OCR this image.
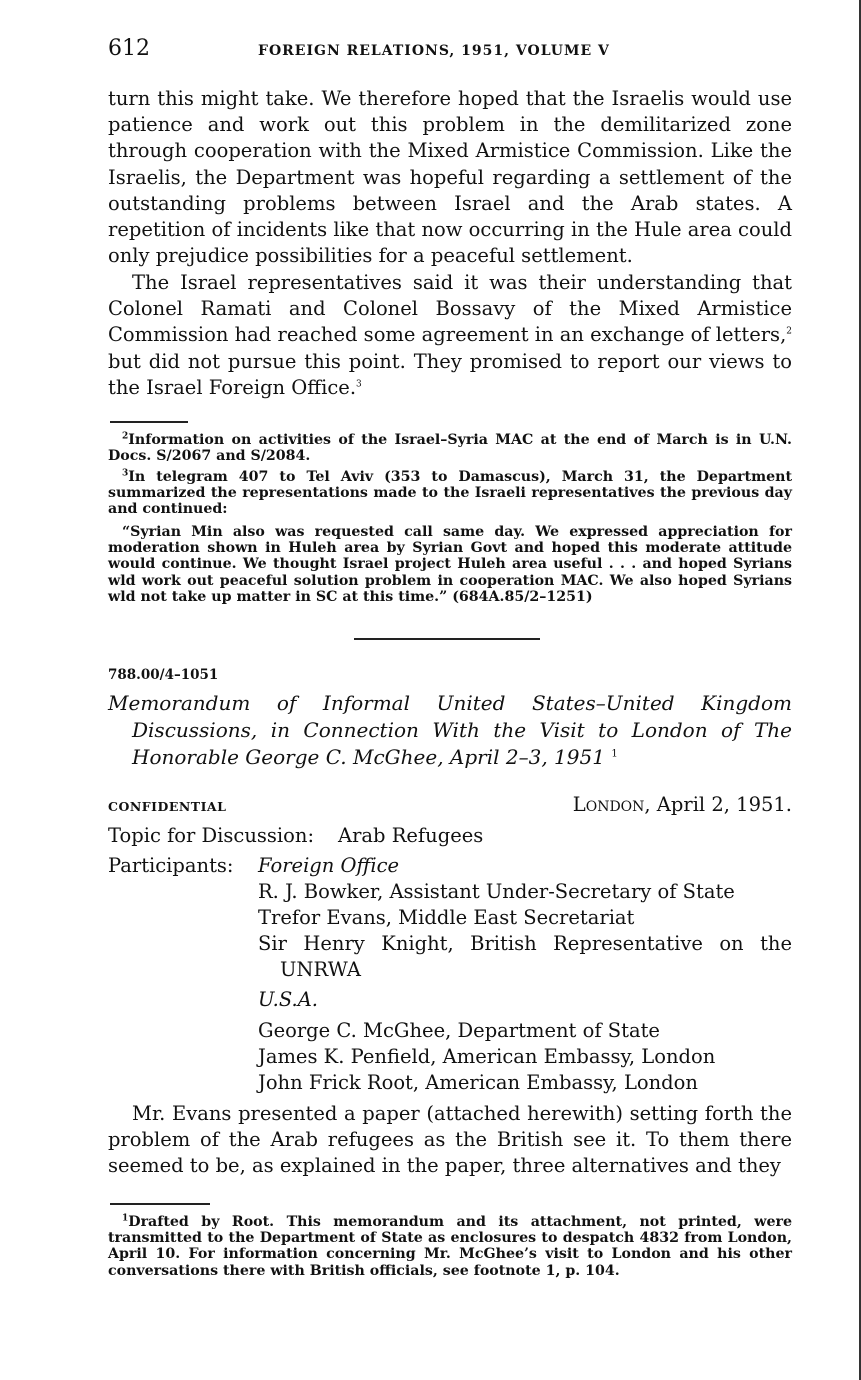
612	FOREIGN RELATIONS, 1951, VOLUME V

turn this might take. We therefore hoped that the Israelis would use patience and work out this problem in the demilitarized zone through cooperation with the Mixed Armistice Commission. Like the Israelis, the Department was hopeful regarding a settlement of the outstanding problems between Israel and the Arab states. A repetition of incidents like that now occurring in the Hule area could only prejudice possibilities for a peaceful settlement.

The Israel representatives said it was their understanding that Colonel Ramati and Colonel Bossavy of the Mixed Armistice Commission had reached some agreement in an exchange of letters,$^2$ but did not pursue this point. They promised to report our views to the Israel Foreign Office.$^3$

$^2$Information on activities of the Israel–Syria MAC at the end of March is in U.N. Docs. S/2067 and S/2084.

$^3$In telegram 407 to Tel Aviv (353 to Damascus), March 31, the Department summarized the representations made to the Israeli representatives the previous day and continued:

“Syrian Min also was requested call same day. We expressed appreciation for moderation shown in Huleh area by Syrian Govt and hoped this moderate attitude would continue. We thought Israel project Huleh area useful . . . and hoped Syrians wld work out peaceful solution problem in cooperation MAC. We also hoped Syrians wld not take up matter in SC at this time.” (684A.85/2–1251)

788.00/4–1051

Memorandum of Informal United States–United Kingdom Discussions, in Connection With the Visit to London of The Honorable George C. McGhee, April 2–3, 1951 $^1$

CONFIDENTIAL	London, April 2, 1951.
Topic for Discussion: Arab Refugees
Participants: Foreign Office
R. J. Bowker, Assistant Under-Secretary of State
Trefor Evans, Middle East Secretariat
Sir Henry Knight, British Representative on the
UNRWA
U.S.A.
George C. McGhee, Department of State
James K. Penfield, American Embassy, London
John Frick Root, American Embassy, London

Mr. Evans presented a paper (attached herewith) setting forth the problem of the Arab refugees as the British see it. To them there seemed to be, as explained in the paper, three alternatives and they

$^1$Drafted by Root. This memorandum and its attachment, not printed, were transmitted to the Department of State as enclosures to despatch 4832 from London, April 10. For information concerning Mr. McGhee’s visit to London and his other conversations there with British officials, see footnote 1, p. 104.
